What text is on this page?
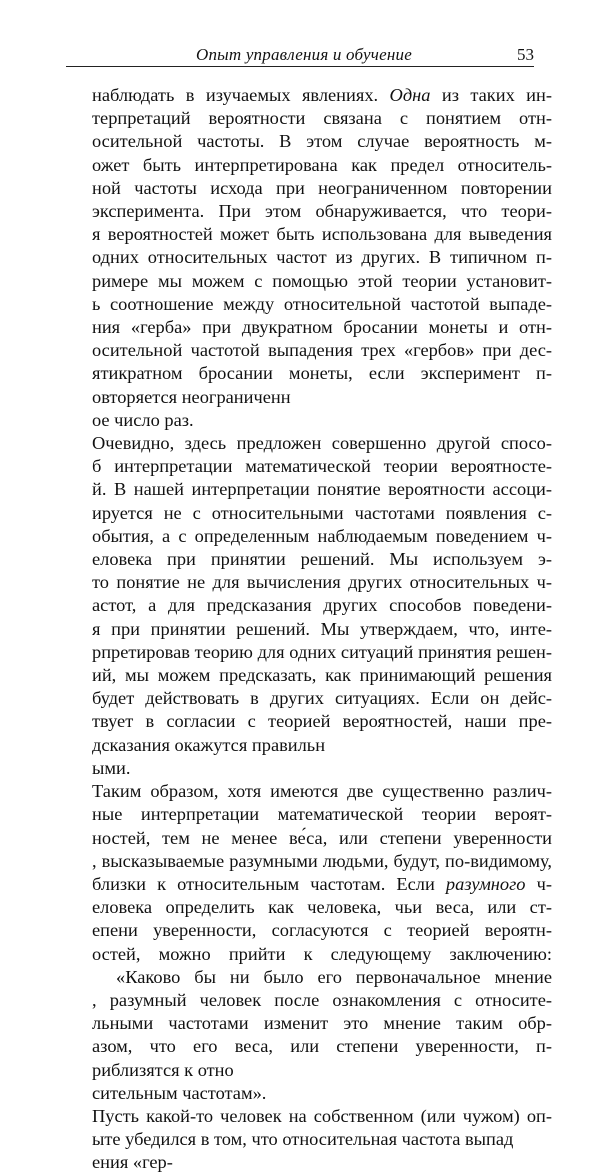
Опыт управления и обучение	53

наблюдать в изучаемых явлениях. Одна из таких ин-
терпретаций вероятности связана с понятием отн-
осительной частоты. В этом случае вероятность м-
ожет быть интерпретирована как предел относитель-
ной частоты исхода при неограниченном повторении
эксперимента. При этом обнаруживается, что теори-
я вероятностей может быть использована для выведения
одних относительных частот из других. В типичном п-
римере мы можем с помощью этой теории установит-
ь соотношение между относительной частотой выпаде-
ния «герба» при двукратном бросании монеты и отн-
осительной частотой выпадения трех «гербов» при дес-
ятикратном бросании монеты, если эксперимент п-
овторяется неограниченн
ое число раз.

Очевидно, здесь предложен совершенно другой спосо-
б интерпретации математической теории вероятносте-
й. В нашей интерпретации понятие вероятности ассоци-
ируется не с относительными частотами появления с-
обытия, а с определенным наблюдаемым поведением ч-
еловека при принятии решений. Мы используем э-
то понятие не для вычисления других относительных ч-
астот, а для предсказания других способов поведени-
я при принятии решений. Мы утверждаем, что, инте-
рпретировав теорию для одних ситуаций принятия решен-
ий, мы можем предсказать, как принимающий решения
будет действовать в других ситуациях. Если он дейс-
твует в согласии с теорией вероятностей, наши пре-
дсказания окажутся правильн
ыми.

Таким образом, хотя имеются две существенно различ-
ные интерпретации математической теории вероят-
ностей, тем не менее ве́са, или степени уверенности
, высказываемые разумными людьми, будут, по-видимому,
близки к относительным частотам. Если разумного ч-
еловека определить как человека, чьи веса, или ст-
епени уверенности, согласуются с теорией вероятн-
остей, можно прийти к следующему заключению:

«Каково бы ни было его первоначальное мнение
, разумный человек после ознакомления с относите-
льными частотами изменит это мнение таким обр-
азом, что его веса, или степени уверенности, п-
риблизятся к отно
сительным частотам».

Пусть какой-то человек на собственном (или чужом) оп-
ыте убедился в том, что относительная частота выпад
ения «гер-
